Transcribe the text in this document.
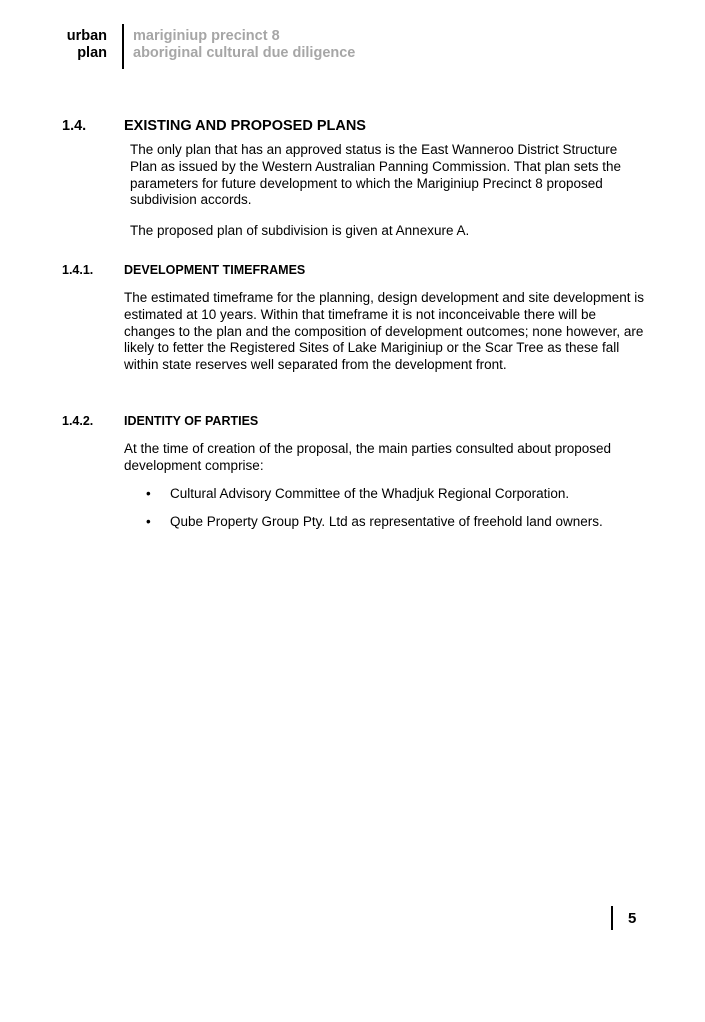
urban
plan
mariginiup precinct 8
aboriginal cultural due diligence
1.4.	EXISTING AND PROPOSED PLANS

The only plan that has an approved status is the East Wanneroo District Structure Plan as issued by the Western Australian Panning Commission. That plan sets the parameters for future development to which the Mariginiup Precinct 8 proposed subdivision accords.

The proposed plan of subdivision is given at Annexure A.

1.4.1. DEVELOPMENT TIMEFRAMES

The estimated timeframe for the planning, design development and site development is estimated at 10 years. Within that timeframe it is not inconceivable there will be changes to the plan and the composition of development outcomes; none however, are likely to fetter the Registered Sites of Lake Mariginiup or the Scar Tree as these fall within state reserves well separated from the development front.

1.4.2. IDENTITY OF PARTIES

At the time of creation of the proposal, the main parties consulted about proposed development comprise:

• Cultural Advisory Committee of the Whadjuk Regional Corporation.
• Qube Property Group Pty. Ltd as representative of freehold land owners.
5
